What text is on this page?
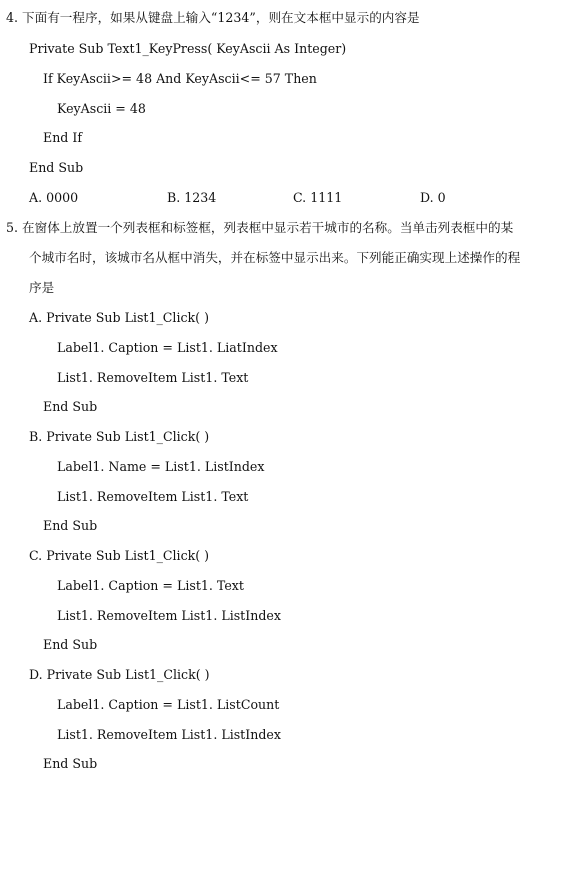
4. 下面有一程序，如果从键盘上输入“1234”，则在文本框中显示的内容是
Private Sub Text1_KeyPress( KeyAscii As Integer)
If KeyAscii>= 48 And KeyAscii<= 57 Then
KeyAscii = 48
End If
End Sub
A. 0000	B. 1234	C. 1111	D. 0
5. 在窗体上放置一个列表框和标签框，列表框中显示若干城市的名称。当单击列表框中的某
个城市名时，该城市名从框中消失，并在标签中显示出来。下列能正确实现上述操作的程
序是
A. Private Sub List1_Click( )
Label1. Caption = List1. LiatIndex
List1. RemoveItem List1. Text
End Sub
B. Private Sub List1_Click( )
Label1. Name = List1. ListIndex
List1. RemoveItem List1. Text
End Sub
C. Private Sub List1_Click( )
Label1. Caption = List1. Text
List1. RemoveItem List1. ListIndex
End Sub
D. Private Sub List1_Click( )
Label1. Caption = List1. ListCount
List1. RemoveItem List1. ListIndex
End Sub
